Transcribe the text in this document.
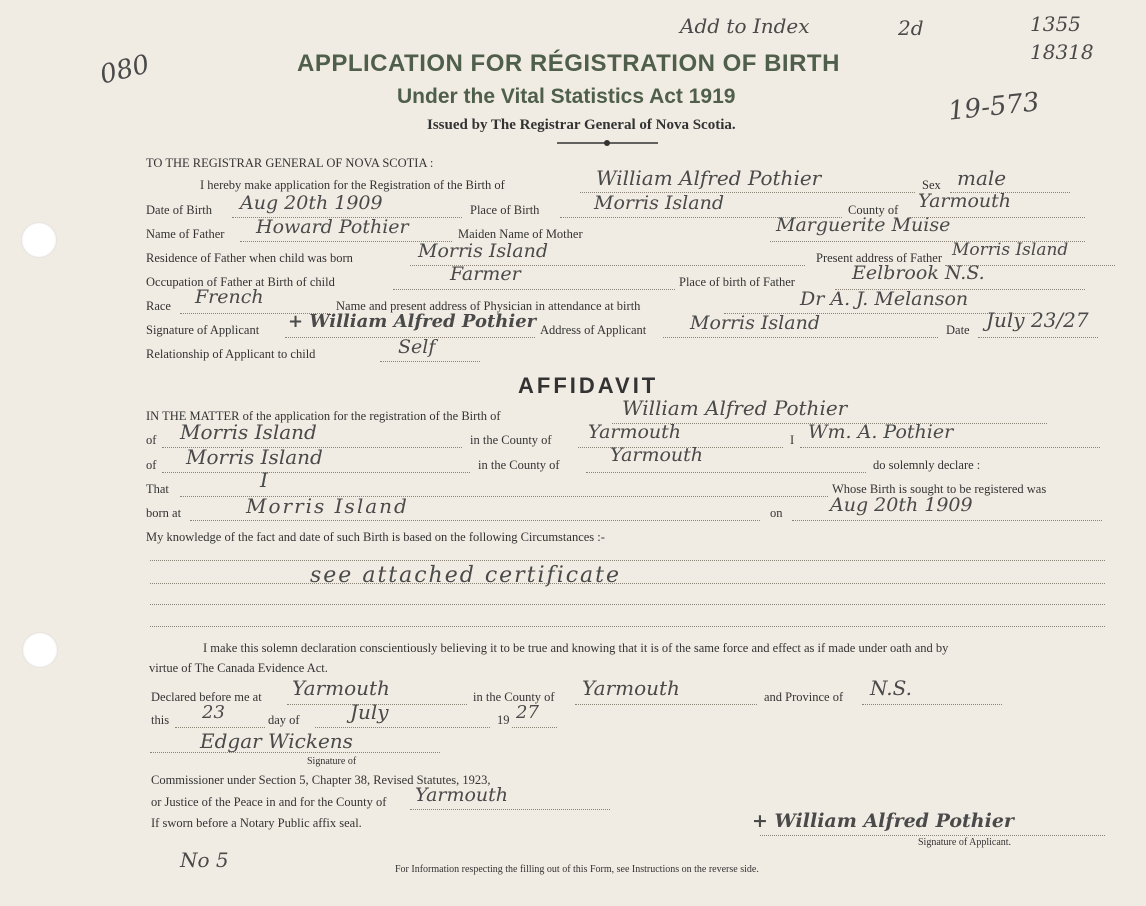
080
Add to Index	2d	1355
18318
19-573
No 5
APPLICATION FOR RÉGISTRATION OF BIRTH
Under the Vital Statistics Act 1919
Issued by The Registrar General of Nova Scotia.
TO THE REGISTRAR GENERAL OF NOVA SCOTIA :
I hereby make application for the Registration of the Birth of	William Alfred Pothier	Sex male
Date of Birth Aug 20th 1909	Place of Birth	Morris Island	County of Yarmouth
Name of Father Howard Pothier	Maiden Name of Mother	Marguerite Muise
Residence of Father when child was born	Morris Island	Present address of Father Morris Island
Occupation of Father at Birth of child	Farmer	Place of birth of Father	Eelbrook N.S.
Race French	Name and present address of Physician in attendance at birth	Dr A. J. Melanson
Signature of Applicant + William Alfred Pothier Address of Applicant Morris Island	Date July 23/27
Relationship of Applicant to child	Self
AFFIDAVIT
IN THE MATTER of the application for the registration of the Birth of	William Alfred Pothier
of Morris Island	in the County of Yarmouth	I Wm. A. Pothier
of Morris Island	in the County of	Yarmouth	do solemnly declare :
That	I	Whose Birth is sought to be registered was
born at	Morris Island	on	Aug 20th 1909
My knowledge of the fact and date of such Birth is based on the following Circumstances :-
see attached certificate
I make this solemn declaration conscientiously believing it to be true and knowing that it is of the same force and effect as if made under oath and by
virtue of The Canada Evidence Act.
Declared before me at Yarmouth	in the County of Yarmouth	and Province of N.S.
this 23	day of	July	19 27
Edgar Wickens
Signature of
Commissioner under Section 5, Chapter 38, Revised Statutes, 1923,
or Justice of the Peace in and for the County of Yarmouth
If sworn before a Notary Public affix seal.	+ William Alfred Pothier
Signature of Applicant.
For Information respecting the filling out of this Form, see Instructions on the reverse side.
